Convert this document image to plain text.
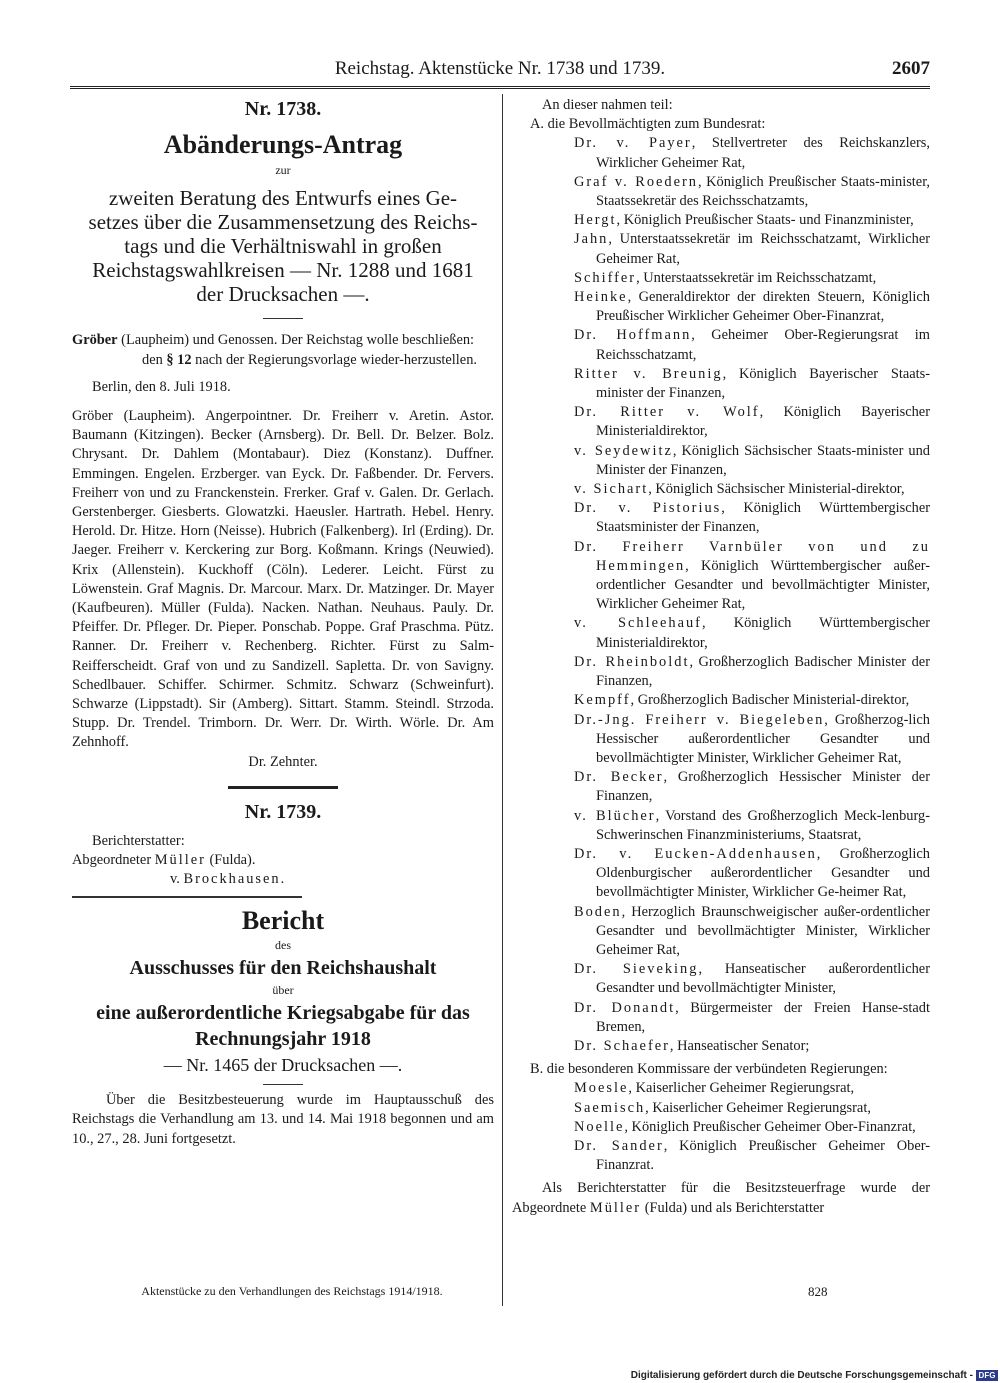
Reichstag. Aktenstücke Nr. 1738 und 1739.	2607
Nr. 1738.
Abänderungs-Antrag
zur
zweiten Beratung des Entwurfs eines Ge-
setzes über die Zusammensetzung des Reichs-
tags und die Verhältniswahl in großen
Reichstagswahlkreisen — Nr. 1288 und 1681
der Drucksachen —.

Gröber (Laupheim) und Genossen. Der Reichstag wolle beschließen:

den § 12 nach der Regierungsvorlage wieder-herzustellen.

Berlin, den 8. Juli 1918.

Gröber (Laupheim). Angerpointner. Dr. Freiherr v. Aretin. Astor. Baumann (Kitzingen). Becker (Arnsberg). Dr. Bell. Dr. Belzer. Bolz. Chrysant. Dr. Dahlem (Montabaur). Diez (Konstanz). Duffner. Emmingen. Engelen. Erzberger. van Eyck. Dr. Faßbender. Dr. Fervers. Freiherr von und zu Franckenstein. Frerker. Graf v. Galen. Dr. Gerlach. Gerstenberger. Giesberts. Glowatzki. Haeusler. Hartrath. Hebel. Henry. Herold. Dr. Hitze. Horn (Neisse). Hubrich (Falkenberg). Irl (Erding). Dr. Jaeger. Freiherr v. Kerckering zur Borg. Koßmann. Krings (Neuwied). Krix (Allenstein). Kuckhoff (Cöln). Lederer. Leicht. Fürst zu Löwenstein. Graf Magnis. Dr. Marcour. Marx. Dr. Matzinger. Dr. Mayer (Kaufbeuren). Müller (Fulda). Nacken. Nathan. Neuhaus. Pauly. Dr. Pfeiffer. Dr. Pfleger. Dr. Pieper. Ponschab. Poppe. Graf Praschma. Pütz. Ranner. Dr. Freiherr v. Rechenberg. Richter. Fürst zu Salm-Reifferscheidt. Graf von und zu Sandizell. Sapletta. Dr. von Savigny. Schedlbauer. Schiffer. Schirmer. Schmitz. Schwarz (Schweinfurt). Schwarze (Lippstadt). Sir (Amberg). Sittart. Stamm. Steindl. Strzoda. Stupp. Dr. Trendel. Trimborn. Dr. Werr. Dr. Wirth. Wörle. Dr. Am Zehnhoff.

Dr. Zehnter.

Nr. 1739.

Berichterstatter:

Abgeordneter Müller (Fulda).

v. Brockhausen.

Bericht
des
Ausschusses für den Reichshaushalt
über
eine außerordentliche Kriegsabgabe für das
Rechnungsjahr 1918
— Nr. 1465 der Drucksachen —.

Über die Besitzbesteuerung wurde im Hauptausschuß des Reichstags die Verhandlung am 13. und 14. Mai 1918 begonnen und am 10., 27., 28. Juni fortgesetzt.

An dieser nahmen teil:

A. die Bevollmächtigten zum Bundesrat:

Dr. v. Payer, Stellvertreter des Reichskanzlers, Wirklicher Geheimer Rat,

Graf v. Roedern, Königlich Preußischer Staats-minister, Staatssekretär des Reichsschatzamts,

Hergt, Königlich Preußischer Staats- und Finanzminister,

Jahn, Unterstaatssekretär im Reichsschatzamt, Wirklicher Geheimer Rat,

Schiffer, Unterstaatssekretär im Reichsschatzamt,

Heinke, Generaldirektor der direkten Steuern, Königlich Preußischer Wirklicher Geheimer Ober-Finanzrat,

Dr. Hoffmann, Geheimer Ober-Regierungsrat im Reichsschatzamt,

Ritter v. Breunig, Königlich Bayerischer Staats-minister der Finanzen,

Dr. Ritter v. Wolf, Königlich Bayerischer Ministerialdirektor,

v. Seydewitz, Königlich Sächsischer Staats-minister und Minister der Finanzen,

v. Sichart, Königlich Sächsischer Ministerial-direktor,

Dr. v. Pistorius, Königlich Württembergischer Staatsminister der Finanzen,

Dr. Freiherr Varnbüler von und zu Hemmingen, Königlich Württembergischer außer-ordentlicher Gesandter und bevollmächtigter Minister, Wirklicher Geheimer Rat,

v. Schleehauf, Königlich Württembergischer Ministerialdirektor,

Dr. Rheinboldt, Großherzoglich Badischer Minister der Finanzen,

Kempff, Großherzoglich Badischer Ministerial-direktor,

Dr.-Jng. Freiherr v. Biegeleben, Großherzog-lich Hessischer außerordentlicher Gesandter und bevollmächtigter Minister, Wirklicher Geheimer Rat,

Dr. Becker, Großherzoglich Hessischer Minister der Finanzen,

v. Blücher, Vorstand des Großherzoglich Meck-lenburg-Schwerinschen Finanzministeriums, Staatsrat,

Dr. v. Eucken-Addenhausen, Großherzoglich Oldenburgischer außerordentlicher Gesandter und bevollmächtigter Minister, Wirklicher Ge-heimer Rat,

Boden, Herzoglich Braunschweigischer außer-ordentlicher Gesandter und bevollmächtigter Minister, Wirklicher Geheimer Rat,

Dr. Sieveking, Hanseatischer außerordentlicher Gesandter und bevollmächtigter Minister,

Dr. Donandt, Bürgermeister der Freien Hanse-stadt Bremen,

Dr. Schaefer, Hanseatischer Senator;

B. die besonderen Kommissare der verbündeten Regierungen:

Moesle, Kaiserlicher Geheimer Regierungsrat,

Saemisch, Kaiserlicher Geheimer Regierungsrat,

Noelle, Königlich Preußischer Geheimer Ober-Finanzrat,

Dr. Sander, Königlich Preußischer Geheimer Ober-Finanzrat.

Als Berichterstatter für die Besitzsteuerfrage wurde der Abgeordnete Müller (Fulda) und als Berichterstatter

Aktenstücke zu den Verhandlungen des Reichstags 1914/1918.	828
Digitalisierung gefördert durch die Deutsche Forschungsgemeinschaft - DFG
